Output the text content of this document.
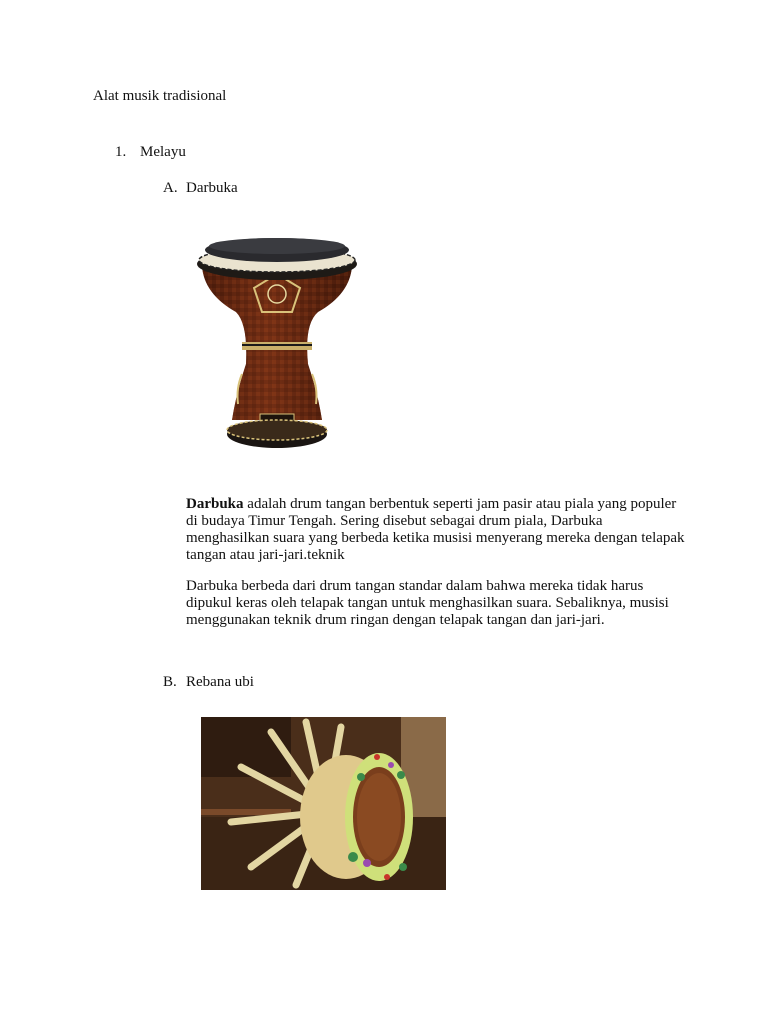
Alat musik tradisional

1. Melayu
A. Darbuka

Darbuka adalah drum tangan berbentuk seperti jam pasir atau piala yang populer di budaya Timur Tengah. Sering disebut sebagai drum piala, Darbuka menghasilkan suara yang berbeda ketika musisi menyerang mereka dengan telapak tangan atau jari-jari.teknik

Darbuka berbeda dari drum tangan standar dalam bahwa mereka tidak harus dipukul keras oleh telapak tangan untuk menghasilkan suara. Sebaliknya, musisi menggunakan teknik drum ringan dengan telapak tangan dan jari-jari.

B. Rebana ubi
